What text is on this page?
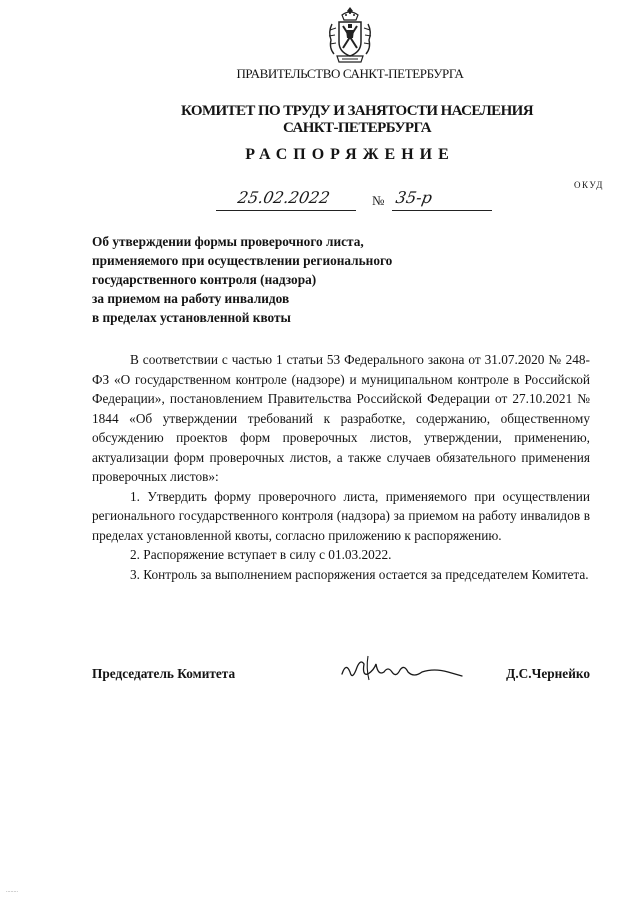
ПРАВИТЕЛЬСТВО САНКТ-ПЕТЕРБУРГА
КОМИТЕТ ПО ТРУДУ И ЗАНЯТОСТИ НАСЕЛЕНИЯ
САНКТ-ПЕТЕРБУРГА
РАСПОРЯЖЕНИЕ
ОКУД
25.02.2022	№ 35-р
Об утверждении формы проверочного листа,
применяемого при осуществлении регионального
государственного контроля (надзора)
за приемом на работу инвалидов
в пределах установленной квоты

В соответствии с частью 1 статьи 53 Федерального закона от 31.07.2020 № 248-ФЗ «О государственном контроле (надзоре) и муниципальном контроле в Российской Федерации», постановлением Правительства Российской Федерации от 27.10.2021 № 1844 «Об утверждении требований к разработке, содержанию, общественному обсуждению проектов форм проверочных листов, утверждении, применению, актуализации форм проверочных листов, а также случаев обязательного применения проверочных листов»:

1. Утвердить форму проверочного листа, применяемого при осуществлении регионального государственного контроля (надзора) за приемом на работу инвалидов в пределах установленной квоты, согласно приложению к распоряжению.

2. Распоряжение вступает в силу с 01.03.2022.

3. Контроль за выполнением распоряжения остается за председателем Комитета.

Председатель Комитета	Д.С.Чернейко
........
